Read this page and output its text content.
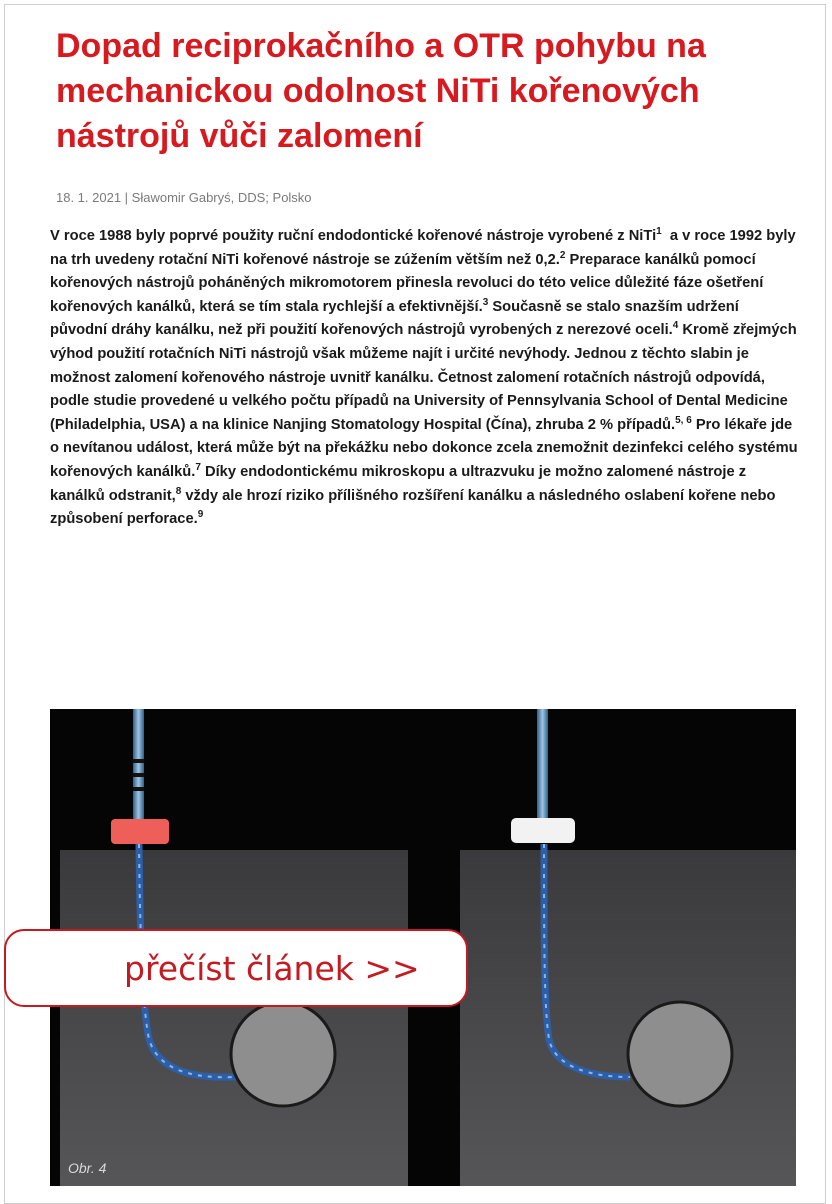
Dopad reciprokačního a OTR pohybu na mechanickou odolnost NiTi kořenových nástrojů vůči zalomení
18. 1. 2021 | Sławomir Gabryś, DDS; Polsko

V roce 1988 byly poprvé použity ruční endodontické kořenové nástroje vyrobené z NiTi$^1$ a v roce 1992 byly na trh uvedeny rotační NiTi kořenové nástroje se zúžením větším než 0,2.$^2$ Preparace kanálků pomocí kořenových nástrojů poháněných mikromotorem přinesla revoluci do této velice důležité fáze ošetření kořenových kanálků, která se tím stala rychlejší a efektivnější.$^3$ Současně se stalo snazším udržení původní dráhy kanálku, než při použití kořenových nástrojů vyrobených z nerezové oceli.$^4$ Kromě zřejmých výhod použití rotačních NiTi nástrojů však můžeme najít i určité nevýhody. Jednou z těchto slabin je možnost zalomení kořenového nástroje uvnitř kanálku. Četnost zalomení rotačních nástrojů odpovídá, podle studie provedené u velkého počtu případů na University of Pennsylvania School of Dental Medicine (Philadelphia, USA) a na klinice Nanjing Stomatology Hospital (Čína), zhruba 2 % případů.$^{5, 6}$ Pro lékaře jde o nevítanou událost, která může být na překážku nebo dokonce zcela znemožnit dezinfekci celého systému kořenových kanálků.$^7$ Díky endodontickému mikroskopu a ultrazvuku je možno zalomené nástroje z kanálků odstranit,$^8$ vždy ale hrozí riziko přílišného rozšíření kanálku a následného oslabení kořene nebo způsobení perforace.$^9$

Obr. 4
přečíst článek >>
